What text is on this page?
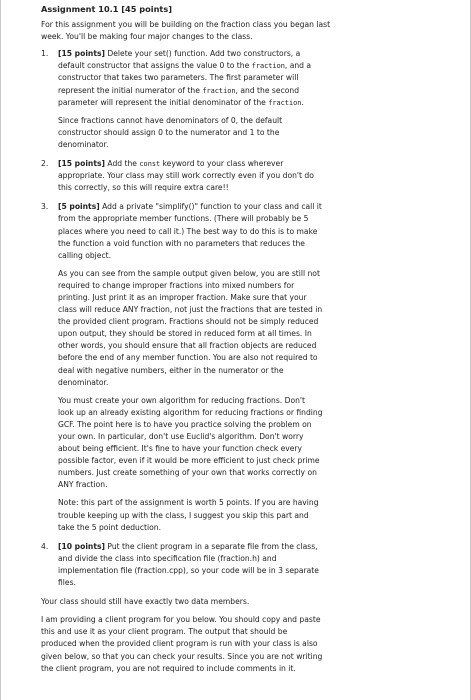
Assignment 10.1 [45 points]

For this assignment you will be building on the fraction class you began last week. You'll be making four major changes to the class.

1.	[15 points] Delete your set() function. Add two constructors, a default constructor that assigns the value 0 to the fraction, and a constructor that takes two parameters. The first parameter will represent the initial numerator of the fraction, and the second parameter will represent the initial denominator of the fraction.

Since fractions cannot have denominators of 0, the default constructor should assign 0 to the numerator and 1 to the denominator.

2.	[15 points] Add the const keyword to your class wherever appropriate. Your class may still work correctly even if you don't do this correctly, so this will require extra care!!

3.	[5 points] Add a private "simplify()" function to your class and call it from the appropriate member functions. (There will probably be 5 places where you need to call it.) The best way to do this is to make the function a void function with no parameters that reduces the calling object.

As you can see from the sample output given below, you are still not required to change improper fractions into mixed numbers for printing. Just print it as an improper fraction. Make sure that your class will reduce ANY fraction, not just the fractions that are tested in the provided client program. Fractions should not be simply reduced upon output, they should be stored in reduced form at all times. In other words, you should ensure that all fraction objects are reduced before the end of any member function. You are also not required to deal with negative numbers, either in the numerator or the denominator.

You must create your own algorithm for reducing fractions. Don't look up an already existing algorithm for reducing fractions or finding GCF. The point here is to have you practice solving the problem on your own. In particular, don't use Euclid's algorithm. Don't worry about being efficient. It's fine to have your function check every possible factor, even if it would be more efficient to just check prime numbers. Just create something of your own that works correctly on ANY fraction.

Note: this part of the assignment is worth 5 points. If you are having trouble keeping up with the class, I suggest you skip this part and take the 5 point deduction.

4.	[10 points] Put the client program in a separate file from the class, and divide the class into specification file (fraction.h) and implementation file (fraction.cpp), so your code will be in 3 separate files.

Your class should still have exactly two data members.

I am providing a client program for you below. You should copy and paste this and use it as your client program. The output that should be produced when the provided client program is run with your class is also given below, so that you can check your results. Since you are not writing the client program, you are not required to include comments in it.
